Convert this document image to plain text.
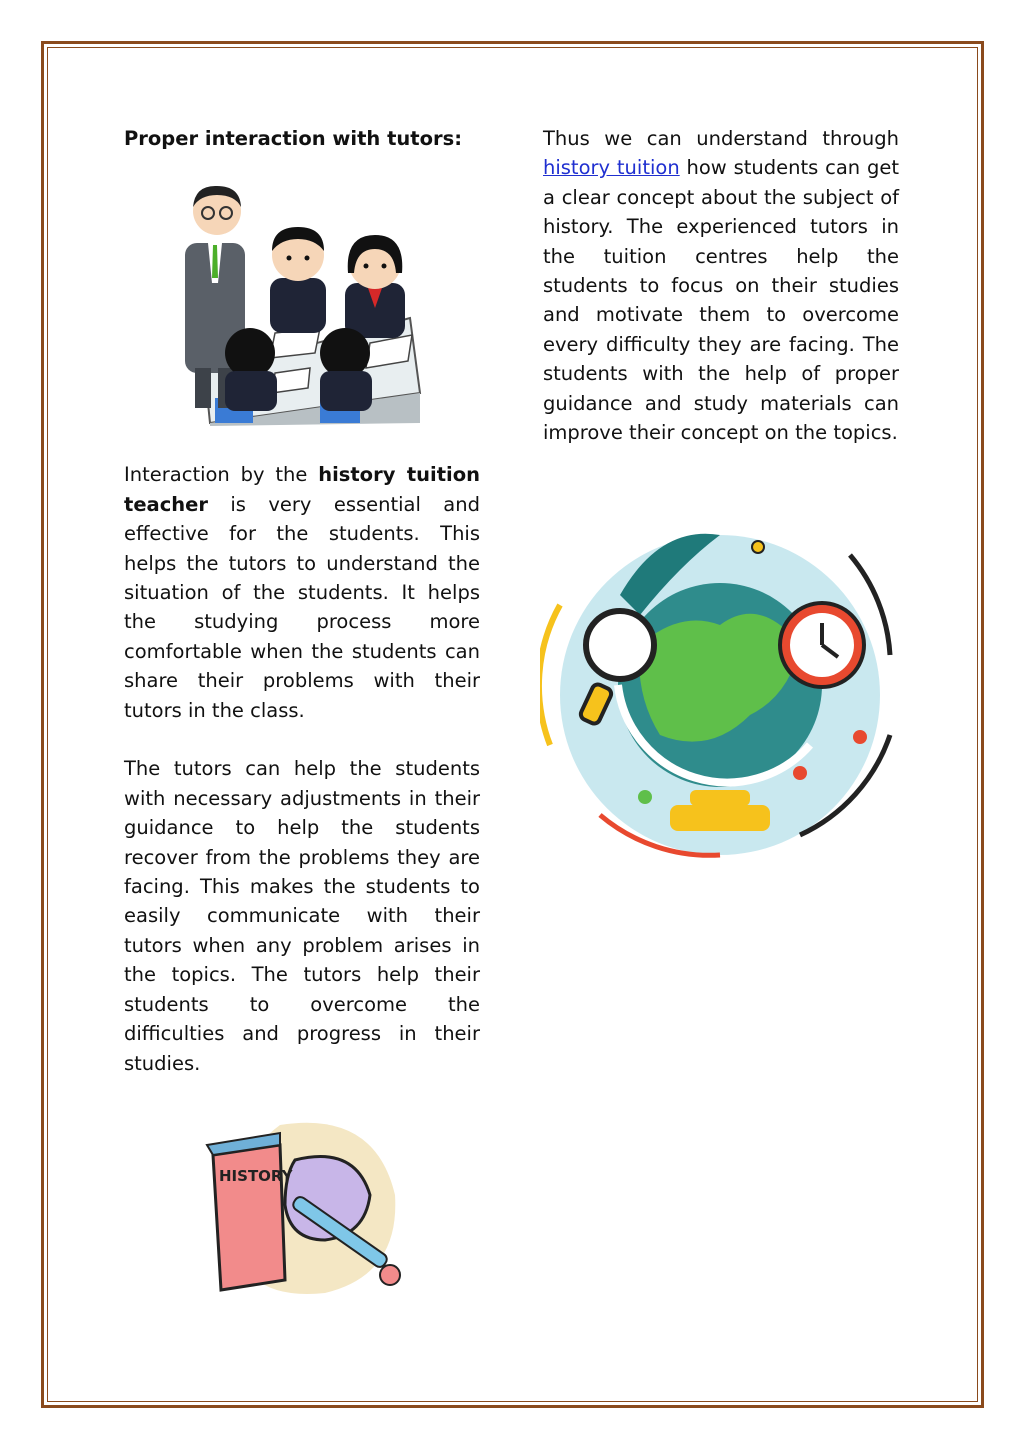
Proper interaction with tutors:

Interaction by the history tuition teacher is very essential and effective for the students. This helps the tutors to understand the situation of the students. It helps the studying process more comfortable when the students can share their problems with their tutors in the class.

The tutors can help the students with necessary adjustments in their guidance to help the students recover from the problems they are facing. This makes the students to easily communicate with their tutors when any problem arises in the topics. The tutors help their students to overcome the difficulties and progress in their studies.

Thus we can understand through history tuition how students can get a clear concept about the subject of history. The experienced tutors in the tuition centres help the students to focus on their studies and motivate them to overcome every difficulty they are facing. The students with the help of proper guidance and study materials can improve their concept on the topics.

HISTORY
